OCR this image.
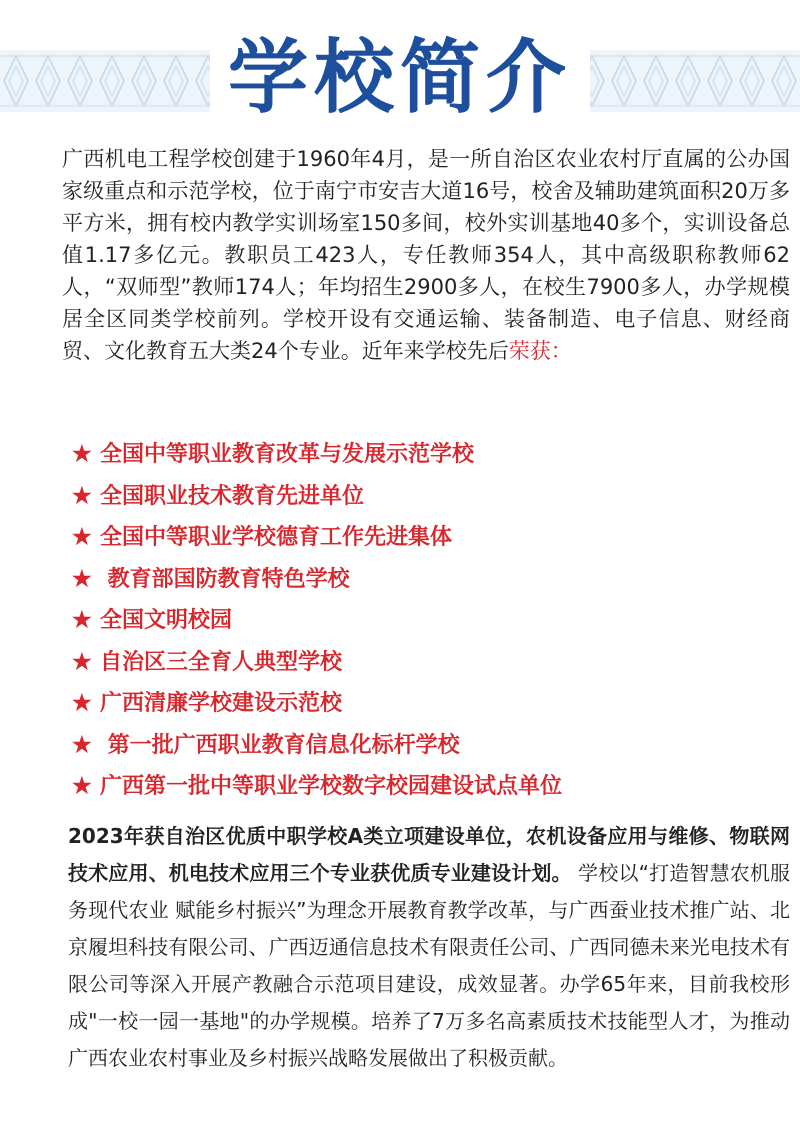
学校简介
广西机电工程学校创建于1960年4月，是一所自治区农业农村厅直属的公办国家级重点和示范学校，位于南宁市安吉大道16号，校舍及辅助建筑面积20万多平方米，拥有校内教学实训场室150多间，校外实训基地40多个，实训设备总值1.17多亿元。教职员工423人，专任教师354人，其中高级职称教师62人，“双师型”教师174人；年均招生2900多人，在校生7900多人，办学规模居全区同类学校前列。学校开设有交通运输、装备制造、电子信息、财经商贸、文化教育五大类24个专业。近年来学校先后荣获：
★ 全国中等职业教育改革与发展示范学校
★ 全国职业技术教育先进单位
★ 全国中等职业学校德育工作先进集体
★ 教育部国防教育特色学校
★ 全国文明校园
★ 自治区三全育人典型学校
★ 广西清廉学校建设示范校
★ 第一批广西职业教育信息化标杆学校
★ 广西第一批中等职业学校数字校园建设试点单位
2023年获自治区优质中职学校A类立项建设单位，农机设备应用与维修、物联网技术应用、机电技术应用三个专业获优质专业建设计划。 学校以“打造智慧农机服务现代农业 赋能乡村振兴”为理念开展教育教学改革，与广西蚕业技术推广站、北京履坦科技有限公司、广西迈通信息技术有限责任公司、广西同德未来光电技术有限公司等深入开展产教融合示范项目建设，成效显著。办学65年来，目前我校形成"一校一园一基地"的办学规模。培养了7万多名高素质技术技能型人才，为推动广西农业农村事业及乡村振兴战略发展做出了积极贡献。
